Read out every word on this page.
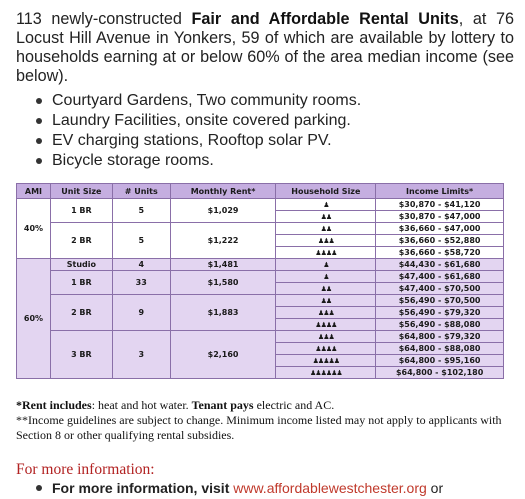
113 newly-constructed Fair and Affordable Rental Units, at 76 Locust Hill Avenue in Yonkers, 59 of which are available by lottery to households earning at or below 60% of the area median income (see below).
Courtyard Gardens, Two community rooms.
Laundry Facilities, onsite covered parking.
EV charging stations, Rooftop solar PV.
Bicycle storage rooms.
AMI	Unit Size	# Units	Monthly Rent*	Household Size	Income Limits*
40%	1 BR	5	$1,029	♟	$30,870 - $41,120
				♟♟	$30,870 - $47,000
	2 BR	5	$1,222	♟♟	$36,660 - $47,000
				♟♟♟	$36,660 - $52,880
				♟♟♟♟	$36,660 - $58,720
60%	Studio	4	$1,481	♟	$44,430 - $61,680
	1 BR	33	$1,580	♟	$47,400 - $61,680
				♟♟	$47,400 - $70,500
	2 BR	9	$1,883	♟♟	$56,490 - $70,500
				♟♟♟	$56,490 - $79,320
				♟♟♟♟	$56,490 - $88,080
	3 BR	3	$2,160	♟♟♟	$64,800 - $79,320
				♟♟♟♟	$64,800 - $88,080
				♟♟♟♟♟	$64,800 - $95,160
				♟♟♟♟♟♟	$64,800 - $102,180
*Rent includes: heat and hot water. Tenant pays electric and AC.
**Income guidelines are subject to change. Minimum income listed may not apply to applicants with Section 8 or other qualifying rental subsidies.
For more information:
For more information, visit www.affordablewestchester.org or
